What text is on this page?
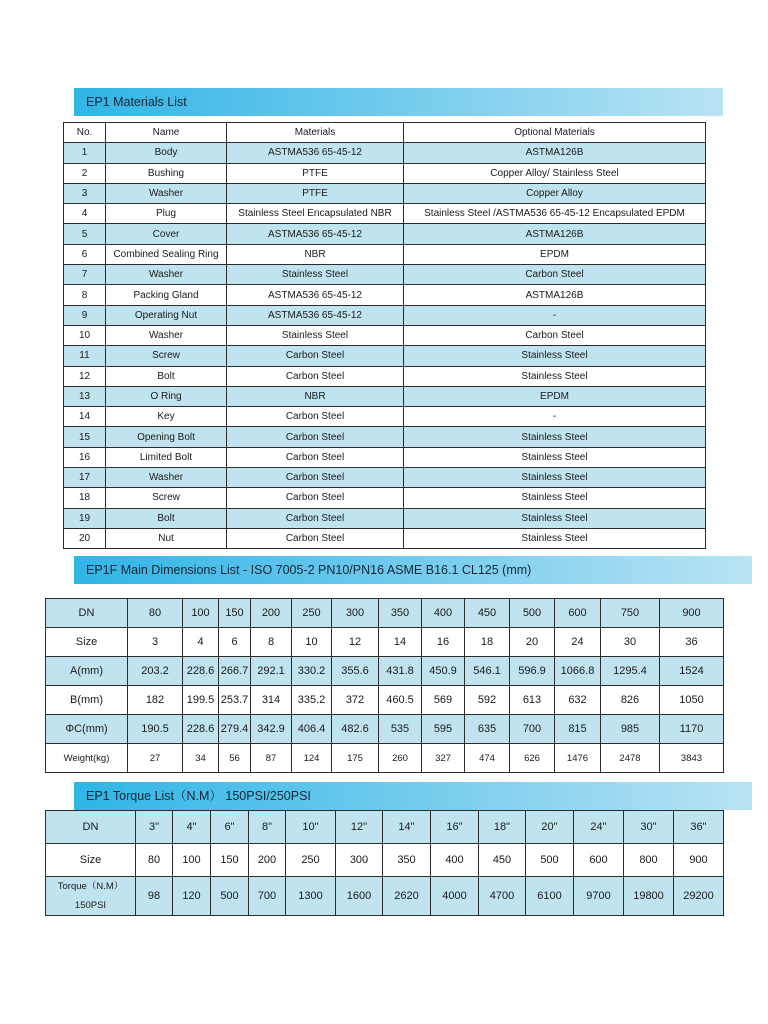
EP1 Materials List
No.	Name	Materials	Optional Materials
1	Body	ASTMA536 65-45-12	ASTMA126B
2	Bushing	PTFE	Copper Alloy/ Stainless Steel
3	Washer	PTFE	Copper Alloy
4	Plug	Stainless Steel Encapsulated NBR	Stainless Steel /ASTMA536 65-45-12 Encapsulated EPDM
5	Cover	ASTMA536 65-45-12	ASTMA126B
6	Combined Sealing Ring	NBR	EPDM
7	Washer	Stainless Steel	Carbon Steel
8	Packing Gland	ASTMA536 65-45-12	ASTMA126B
9	Operating Nut	ASTMA536 65-45-12	-
10	Washer	Stainless Steel	Carbon Steel
11	Screw	Carbon Steel	Stainless Steel
12	Bolt	Carbon Steel	Stainless Steel
13	O Ring	NBR	EPDM
14	Key	Carbon Steel	-
15	Opening Bolt	Carbon Steel	Stainless Steel
16	Limited Bolt	Carbon Steel	Stainless Steel
17	Washer	Carbon Steel	Stainless Steel
18	Screw	Carbon Steel	Stainless Steel
19	Bolt	Carbon Steel	Stainless Steel
20	Nut	Carbon Steel	Stainless Steel
EP1F Main Dimensions List - ISO 7005-2 PN10/PN16 ASME B16.1 CL125 (mm)
DN	80	100	150	200	250	300	350	400	450	500	600	750	900
Size	3	4	6	8	10	12	14	16	18	20	24	30	36
A(mm)	203.2	228.6	266.7	292.1	330.2	355.6	431.8	450.9	546.1	596.9	1066.8	1295.4	1524
B(mm)	182	199.5	253.7	314	335.2	372	460.5	569	592	613	632	826	1050
ΦC(mm)	190.5	228.6	279.4	342.9	406.4	482.6	535	595	635	700	815	985	1170
Weight(kg)	27	34	56	87	124	175	260	327	474	626	1476	2478	3843
EP1 Torque List（N.M） 150PSI/250PSI
DN	3"	4"	6"	8"	10"	12"	14"	16"	18"	20"	24"	30"	36"
Size	80	100	150	200	250	300	350	400	450	500	600	800	900
Torque（N.M）
150PSI	98	120	500	700	1300	1600	2620	4000	4700	6100	9700	19800	29200
